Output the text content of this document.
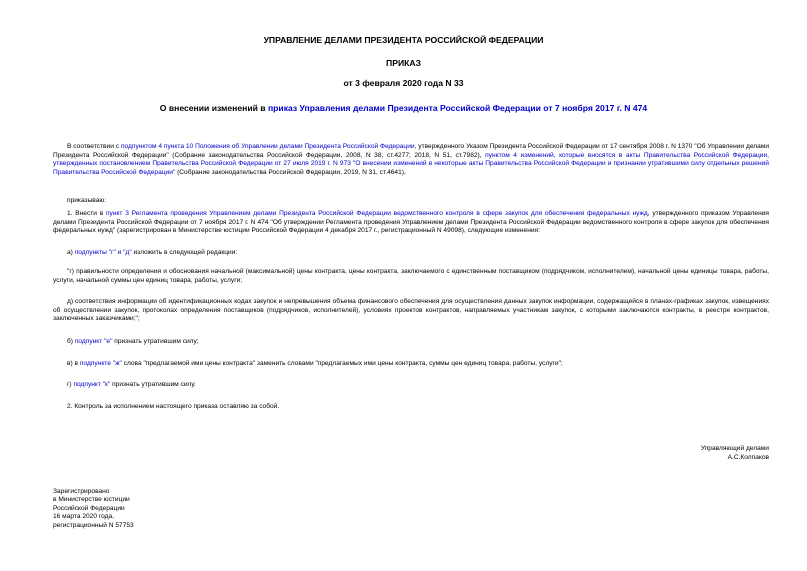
УПРАВЛЕНИЕ ДЕЛАМИ ПРЕЗИДЕНТА РОССИЙСКОЙ ФЕДЕРАЦИИ
ПРИКАЗ
от 3 февраля 2020 года N 33
О внесении изменений в приказ Управления делами Президента Российской Федерации от 7 ноября 2017 г. N 474
В соответствии с подпунктом 4 пункта 10 Положения об Управлении делами Президента Российской Федерации, утвержденного Указом Президента Российской Федерации от 17 сентября 2008 г. N 1370 "Об Управлении делами Президента Российской Федерации" (Собрание законодательства Российской Федерации, 2008, N 38, ст.4277; 2018, N 51, ст.7982), пунктом 4 изменений, которые вносятся в акты Правительства Российской Федерации, утвержденных постановлением Правительства Российской Федерации от 27 июля 2019 г. N 973 "О внесении изменений в некоторые акты Правительства Российской Федерации и признании утратившими силу отдельных решений Правительства Российской Федерации" (Собрание законодательства Российской Федерации, 2019, N 31, ст.4641),
приказываю:
1. Внести в пункт 3 Регламента проведения Управлением делами Президента Российской Федерации ведомственного контроля в сфере закупок для обеспечения федеральных нужд, утвержденного приказом Управления делами Президента Российской Федерации от 7 ноября 2017 г. N 474 "Об утверждении Регламента проведения Управлением делами Президента Российской Федерации ведомственного контроля в сфере закупок для обеспечения федеральных нужд" (зарегистрирован в Министерстве юстиции Российской Федерации 4 декабря 2017 г., регистрационный N 49098), следующие изменения:
а) подпункты "г" и "д" изложить в следующей редакции:
"г) правильности определения и обоснования начальной (максимальной) цены контракта, цены контракта, заключаемого с единственным поставщиком (подрядчиком, исполнителем), начальной цены единицы товара, работы, услуги, начальной суммы цен единиц товара, работы, услуги;
д) соответствия информации об идентификационных кодах закупок и непревышения объема финансового обеспечения для осуществления данных закупок информации, содержащейся в планах-графиках закупок, извещениях об осуществлении закупок, протоколах определения поставщиков (подрядчиков, исполнителей), условиях проектов контрактов, направляемых участникам закупок, с которыми заключаются контракты, в реестре контрактов, заключенных заказчиками;";
б) подпункт "е" признать утратившим силу;
в) в подпункте "ж" слова "предлагаемой ими цены контракта" заменить словами "предлагаемых ими цены контракта, суммы цен единиц товара, работы, услуги";
г) подпункт "к" признать утратившим силу.
2. Контроль за исполнением настоящего приказа оставляю за собой.
Управляющий делами
А.С.Колпаков
Зарегистрировано
в Министерстве юстиции
Российской Федерации
16 марта 2020 года,
регистрационный N 57753
